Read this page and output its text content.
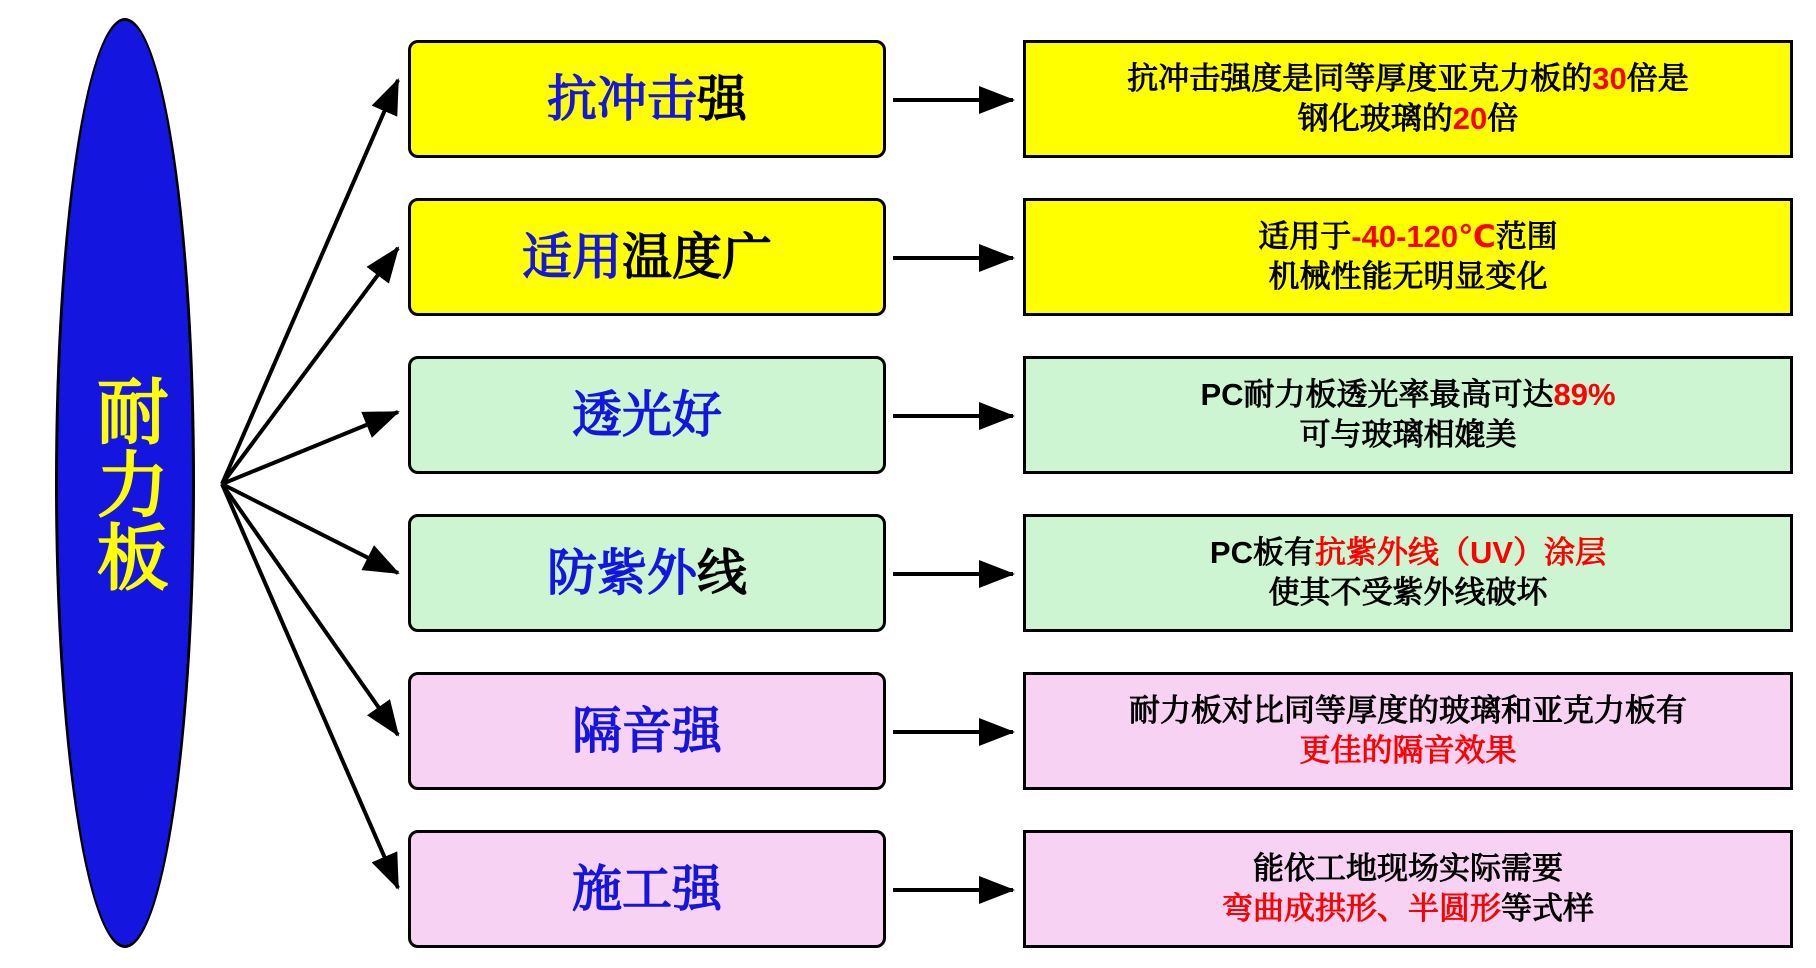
耐力板
抗冲击强	抗冲击强度是同等厚度亚克力板的30倍是
钢化玻璃的20倍
适用温度广	适用于-40-120℃范围
机械性能无明显变化
透光好	PC耐力板透光率最高可达89%
可与玻璃相媲美
防紫外线	PC板有抗紫外线（UV）涂层
使其不受紫外线破坏
隔音强	耐力板对比同等厚度的玻璃和亚克力板有
更佳的隔音效果
施工强	能依工地现场实际需要
弯曲成拱形、半圆形等式样
